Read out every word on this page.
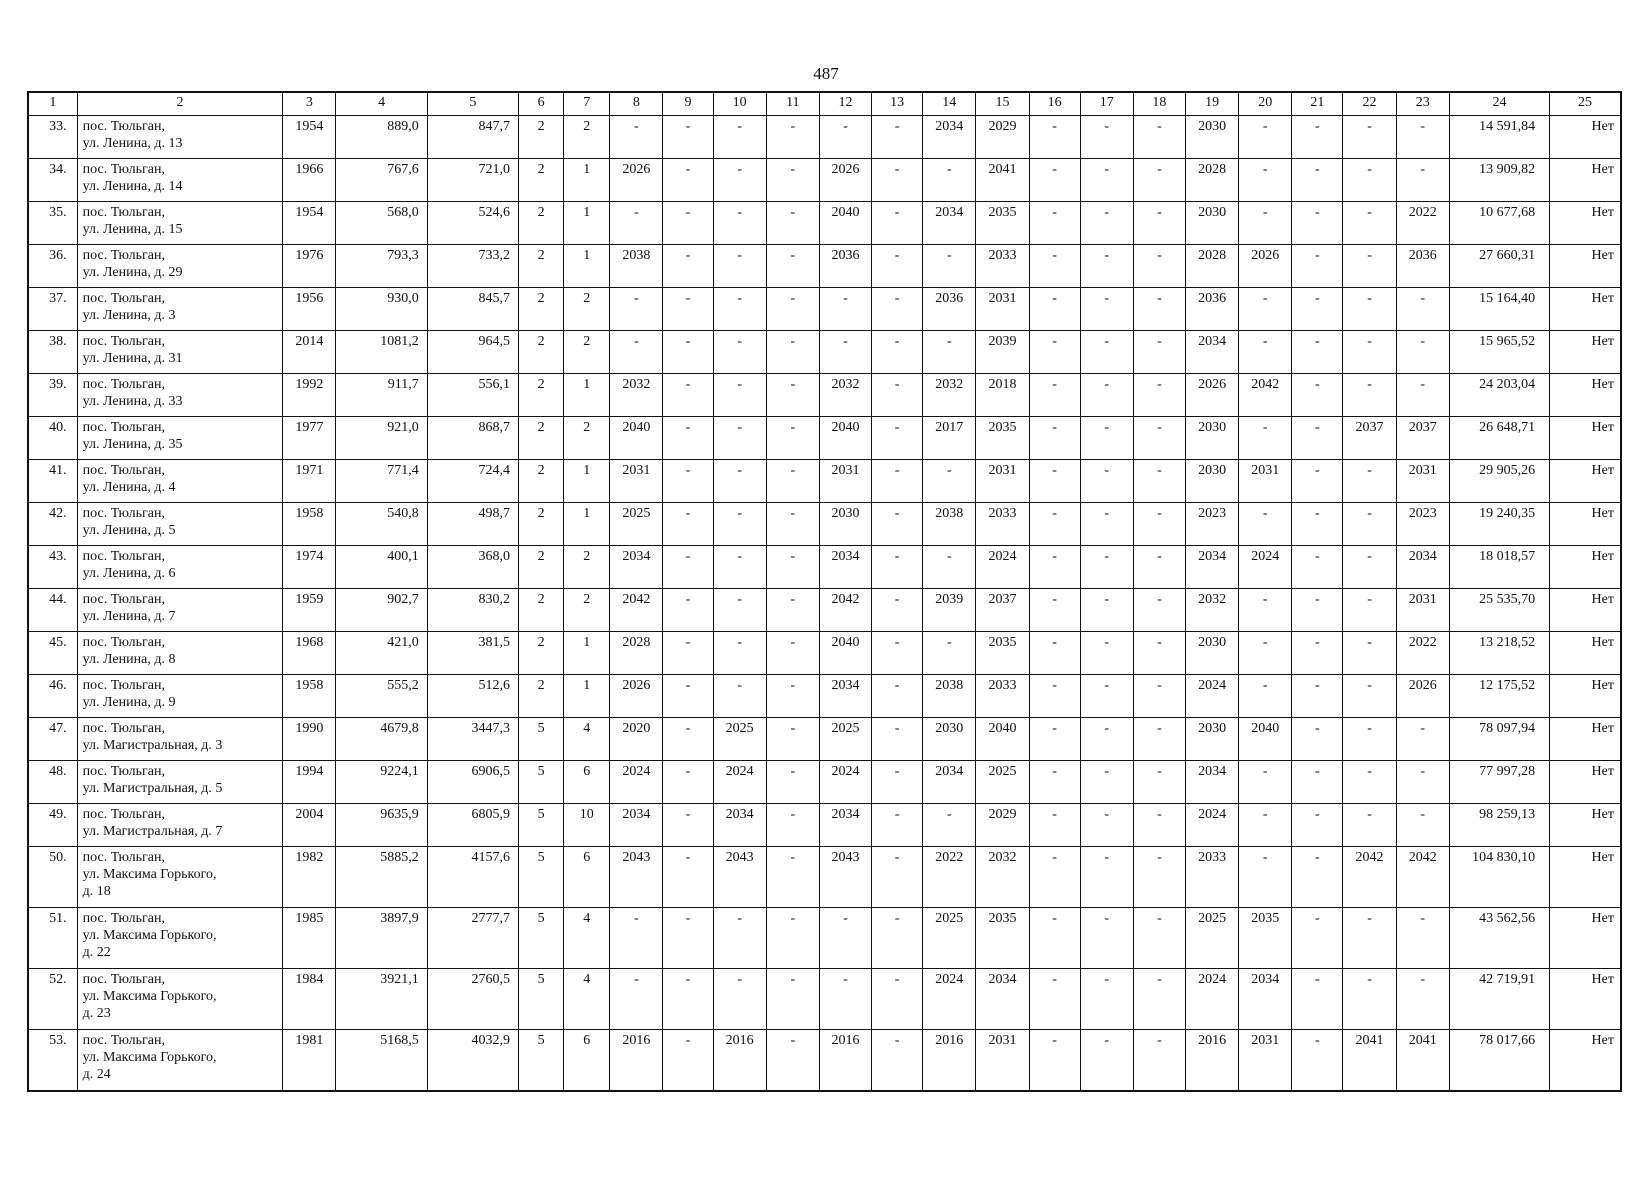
487
1	2	3	4	5	6	7	8	9	10	11	12	13	14	15	16	17	18	19	20	21	22	23	24	25
33.	пос. Тюльган,
ул. Ленина, д. 13	1954	889,0	847,7	2	2	-	-	-	-	-	-	2034	2029	-	-	-	2030	-	-	-	-	14 591,84	Нет
34.	пос. Тюльган,
ул. Ленина, д. 14	1966	767,6	721,0	2	1	2026	-	-	-	2026	-	-	2041	-	-	-	2028	-	-	-	-	13 909,82	Нет
35.	пос. Тюльган,
ул. Ленина, д. 15	1954	568,0	524,6	2	1	-	-	-	-	2040	-	2034	2035	-	-	-	2030	-	-	-	2022	10 677,68	Нет
36.	пос. Тюльган,
ул. Ленина, д. 29	1976	793,3	733,2	2	1	2038	-	-	-	2036	-	-	2033	-	-	-	2028	2026	-	-	2036	27 660,31	Нет
37.	пос. Тюльган,
ул. Ленина, д. 3	1956	930,0	845,7	2	2	-	-	-	-	-	-	2036	2031	-	-	-	2036	-	-	-	-	15 164,40	Нет
38.	пос. Тюльган,
ул. Ленина, д. 31	2014	1081,2	964,5	2	2	-	-	-	-	-	-	-	2039	-	-	-	2034	-	-	-	-	15 965,52	Нет
39.	пос. Тюльган,
ул. Ленина, д. 33	1992	911,7	556,1	2	1	2032	-	-	-	2032	-	2032	2018	-	-	-	2026	2042	-	-	-	24 203,04	Нет
40.	пос. Тюльган,
ул. Ленина, д. 35	1977	921,0	868,7	2	2	2040	-	-	-	2040	-	2017	2035	-	-	-	2030	-	-	2037	2037	26 648,71	Нет
41.	пос. Тюльган,
ул. Ленина, д. 4	1971	771,4	724,4	2	1	2031	-	-	-	2031	-	-	2031	-	-	-	2030	2031	-	-	2031	29 905,26	Нет
42.	пос. Тюльган,
ул. Ленина, д. 5	1958	540,8	498,7	2	1	2025	-	-	-	2030	-	2038	2033	-	-	-	2023	-	-	-	2023	19 240,35	Нет
43.	пос. Тюльган,
ул. Ленина, д. 6	1974	400,1	368,0	2	2	2034	-	-	-	2034	-	-	2024	-	-	-	2034	2024	-	-	2034	18 018,57	Нет
44.	пос. Тюльган,
ул. Ленина, д. 7	1959	902,7	830,2	2	2	2042	-	-	-	2042	-	2039	2037	-	-	-	2032	-	-	-	2031	25 535,70	Нет
45.	пос. Тюльган,
ул. Ленина, д. 8	1968	421,0	381,5	2	1	2028	-	-	-	2040	-	-	2035	-	-	-	2030	-	-	-	2022	13 218,52	Нет
46.	пос. Тюльган,
ул. Ленина, д. 9	1958	555,2	512,6	2	1	2026	-	-	-	2034	-	2038	2033	-	-	-	2024	-	-	-	2026	12 175,52	Нет
47.	пос. Тюльган,
ул. Магистральная, д. 3	1990	4679,8	3447,3	5	4	2020	-	2025	-	2025	-	2030	2040	-	-	-	2030	2040	-	-	-	78 097,94	Нет
48.	пос. Тюльган,
ул. Магистральная, д. 5	1994	9224,1	6906,5	5	6	2024	-	2024	-	2024	-	2034	2025	-	-	-	2034	-	-	-	-	77 997,28	Нет
49.	пос. Тюльган,
ул. Магистральная, д. 7	2004	9635,9	6805,9	5	10	2034	-	2034	-	2034	-	-	2029	-	-	-	2024	-	-	-	-	98 259,13	Нет
50.	пос. Тюльган,
ул. Максима Горького,
д. 18	1982	5885,2	4157,6	5	6	2043	-	2043	-	2043	-	2022	2032	-	-	-	2033	-	-	2042	2042	104 830,10	Нет
51.	пос. Тюльган,
ул. Максима Горького,
д. 22	1985	3897,9	2777,7	5	4	-	-	-	-	-	-	2025	2035	-	-	-	2025	2035	-	-	-	43 562,56	Нет
52.	пос. Тюльган,
ул. Максима Горького,
д. 23	1984	3921,1	2760,5	5	4	-	-	-	-	-	-	2024	2034	-	-	-	2024	2034	-	-	-	42 719,91	Нет
53.	пос. Тюльган,
ул. Максима Горького,
д. 24	1981	5168,5	4032,9	5	6	2016	-	2016	-	2016	-	2016	2031	-	-	-	2016	2031	-	2041	2041	78 017,66	Нет
